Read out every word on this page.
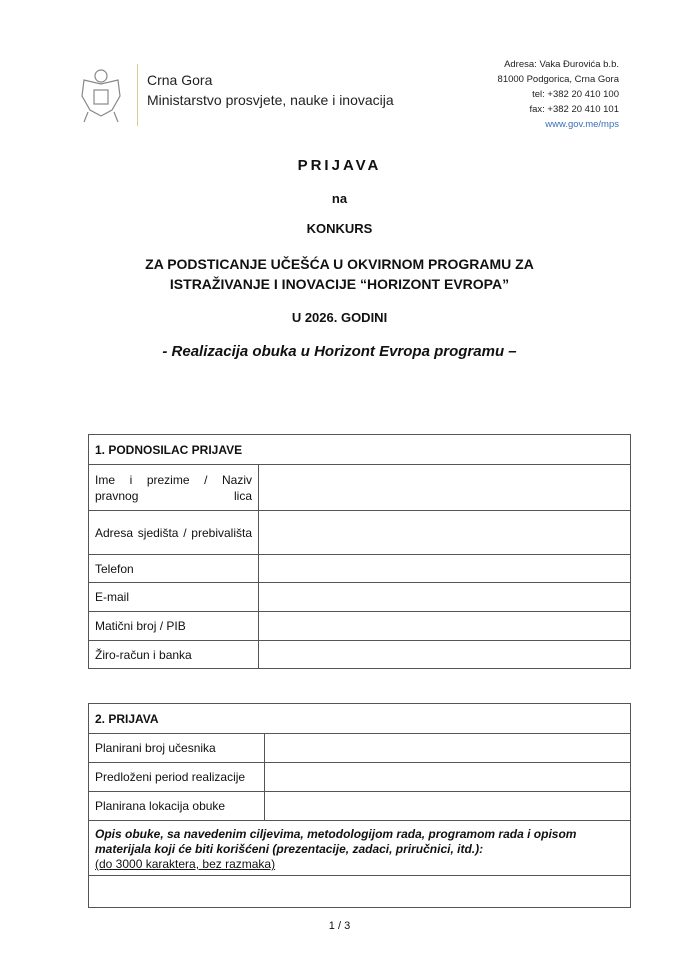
Crna Gora
Ministarstvo prosvjete, nauke i inovacija
Adresa: Vaka Đurovića b.b.
81000 Podgorica, Crna Gora
tel: +382 20 410 100
fax: +382 20 410 101
www.gov.me/mps
PRIJAVA
na
KONKURS
ZA PODSTICANJE UČEŠĆA U OKVIRNOM PROGRAMU ZA
ISTRAŽIVANJE I INOVACIJE “HORIZONT EVROPA”
U 2026. GODINI
- Realizacija obuka u Horizont Evropa programu –
1. PODNOSILAC PRIJAVE	
Ime i prezime / Naziv pravnog lica	
Adresa sjedišta / prebivališta	
Telefon	
E-mail	
Matični broj / PIB	
Žiro-račun i banka	
2. PRIJAVA	
Planirani broj učesnika	
Predloženi period realizacije	
Planirana lokacija obuke	
Opis obuke, sa navedenim ciljevima, metodologijom rada, programom rada i opisom materijala koji će biti korišćeni (prezentacije, zadaci, priručnici, itd.):
(do 3000 karaktera, bez razmaka)	

1 / 3
